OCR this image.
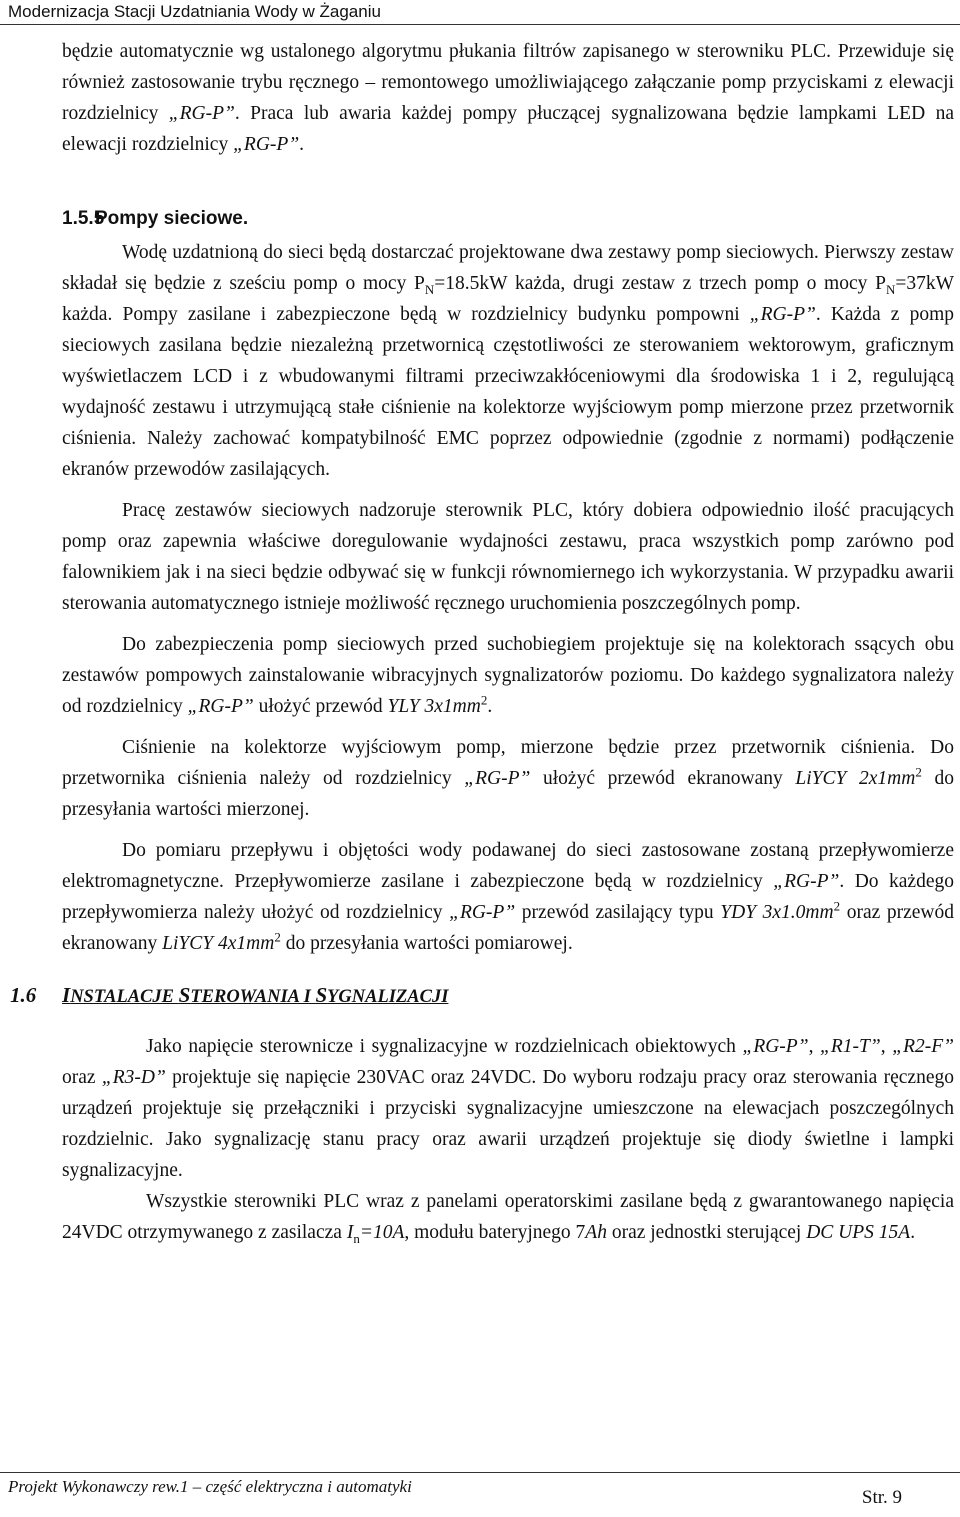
Modernizacja Stacji Uzdatniania Wody w Żaganiu

będzie automatycznie wg ustalonego algorytmu płukania filtrów zapisanego w sterowniku PLC. Przewiduje się również zastosowanie trybu ręcznego – remontowego umożliwiającego załączanie pomp przyciskami z elewacji rozdzielnicy „RG-P”. Praca lub awaria każdej pompy płuczącej sygnalizowana będzie lampkami LED na elewacji rozdzielnicy „RG-P”.

1.5.5Pompy sieciowe.

Wodę uzdatnioną do sieci będą dostarczać projektowane dwa zestawy pomp sieciowych. Pierwszy zestaw składał się będzie z sześciu pomp o mocy $P_N=18.5kW$ każda, drugi zestaw z trzech pomp o mocy $P_N=37kW$ każda. Pompy zasilane i zabezpieczone będą w rozdzielnicy budynku pompowni „RG-P”. Każda z pomp sieciowych zasilana będzie niezależną przetwornicą częstotliwości ze sterowaniem wektorowym, graficznym wyświetlaczem LCD i z wbudowanymi filtrami przeciwzakłóceniowymi dla środowiska 1 i 2, regulującą wydajność zestawu i utrzymującą stałe ciśnienie na kolektorze wyjściowym pomp mierzone przez przetwornik ciśnienia. Należy zachować kompatybilność EMC poprzez odpowiednie (zgodnie z normami) podłączenie ekranów przewodów zasilających.

Pracę zestawów sieciowych nadzoruje sterownik PLC, który dobiera odpowiednio ilość pracujących pomp oraz zapewnia właściwe doregulowanie wydajności zestawu, praca wszystkich pomp zarówno pod falownikiem jak i na sieci będzie odbywać się w funkcji równomiernego ich wykorzystania. W przypadku awarii sterowania automatycznego istnieje możliwość ręcznego uruchomienia poszczególnych pomp.

Do zabezpieczenia pomp sieciowych przed suchobiegiem projektuje się na kolektorach ssących obu zestawów pompowych zainstalowanie wibracyjnych sygnalizatorów poziomu. Do każdego sygnalizatora należy od rozdzielnicy „RG-P” ułożyć przewód YLY $3x1mm^2$.

Ciśnienie na kolektorze wyjściowym pomp, mierzone będzie przez przetwornik ciśnienia. Do przetwornika ciśnienia należy od rozdzielnicy „RG-P” ułożyć przewód ekranowany LiYCY $2x1mm^2$ do przesyłania wartości mierzonej.

Do pomiaru przepływu i objętości wody podawanej do sieci zastosowane zostaną przepływomierze elektromagnetyczne. Przepływomierze zasilane i zabezpieczone będą w rozdzielnicy „RG-P”. Do każdego przepływomierza należy ułożyć od rozdzielnicy „RG-P” przewód zasilający typu YDY $3x1.0mm^2$ oraz przewód ekranowany LiYCY $4x1mm^2$ do przesyłania wartości pomiarowej.

1.6 INSTALACJE STEROWANIA I SYGNALIZACJI

Jako napięcie sterownicze i sygnalizacyjne w rozdzielnicach obiektowych „RG-P”, „R1-T”, „R2-F” oraz „R3-D” projektuje się napięcie 230VAC oraz 24VDC. Do wyboru rodzaju pracy oraz sterowania ręcznego urządzeń projektuje się przełączniki i przyciski sygnalizacyjne umieszczone na elewacjach poszczególnych rozdzielnic. Jako sygnalizację stanu pracy oraz awarii urządzeń projektuje się diody świetlne i lampki sygnalizacyjne.

Wszystkie sterowniki PLC wraz z panelami operatorskimi zasilane będą z gwarantowanego napięcia 24VDC otrzymywanego z zasilacza $I_n=10A$, modułu bateryjnego 7Ah oraz jednostki sterującej DC UPS 15A.

Projekt Wykonawczy rew.1 – część elektryczna i automatyki
Str. 9
